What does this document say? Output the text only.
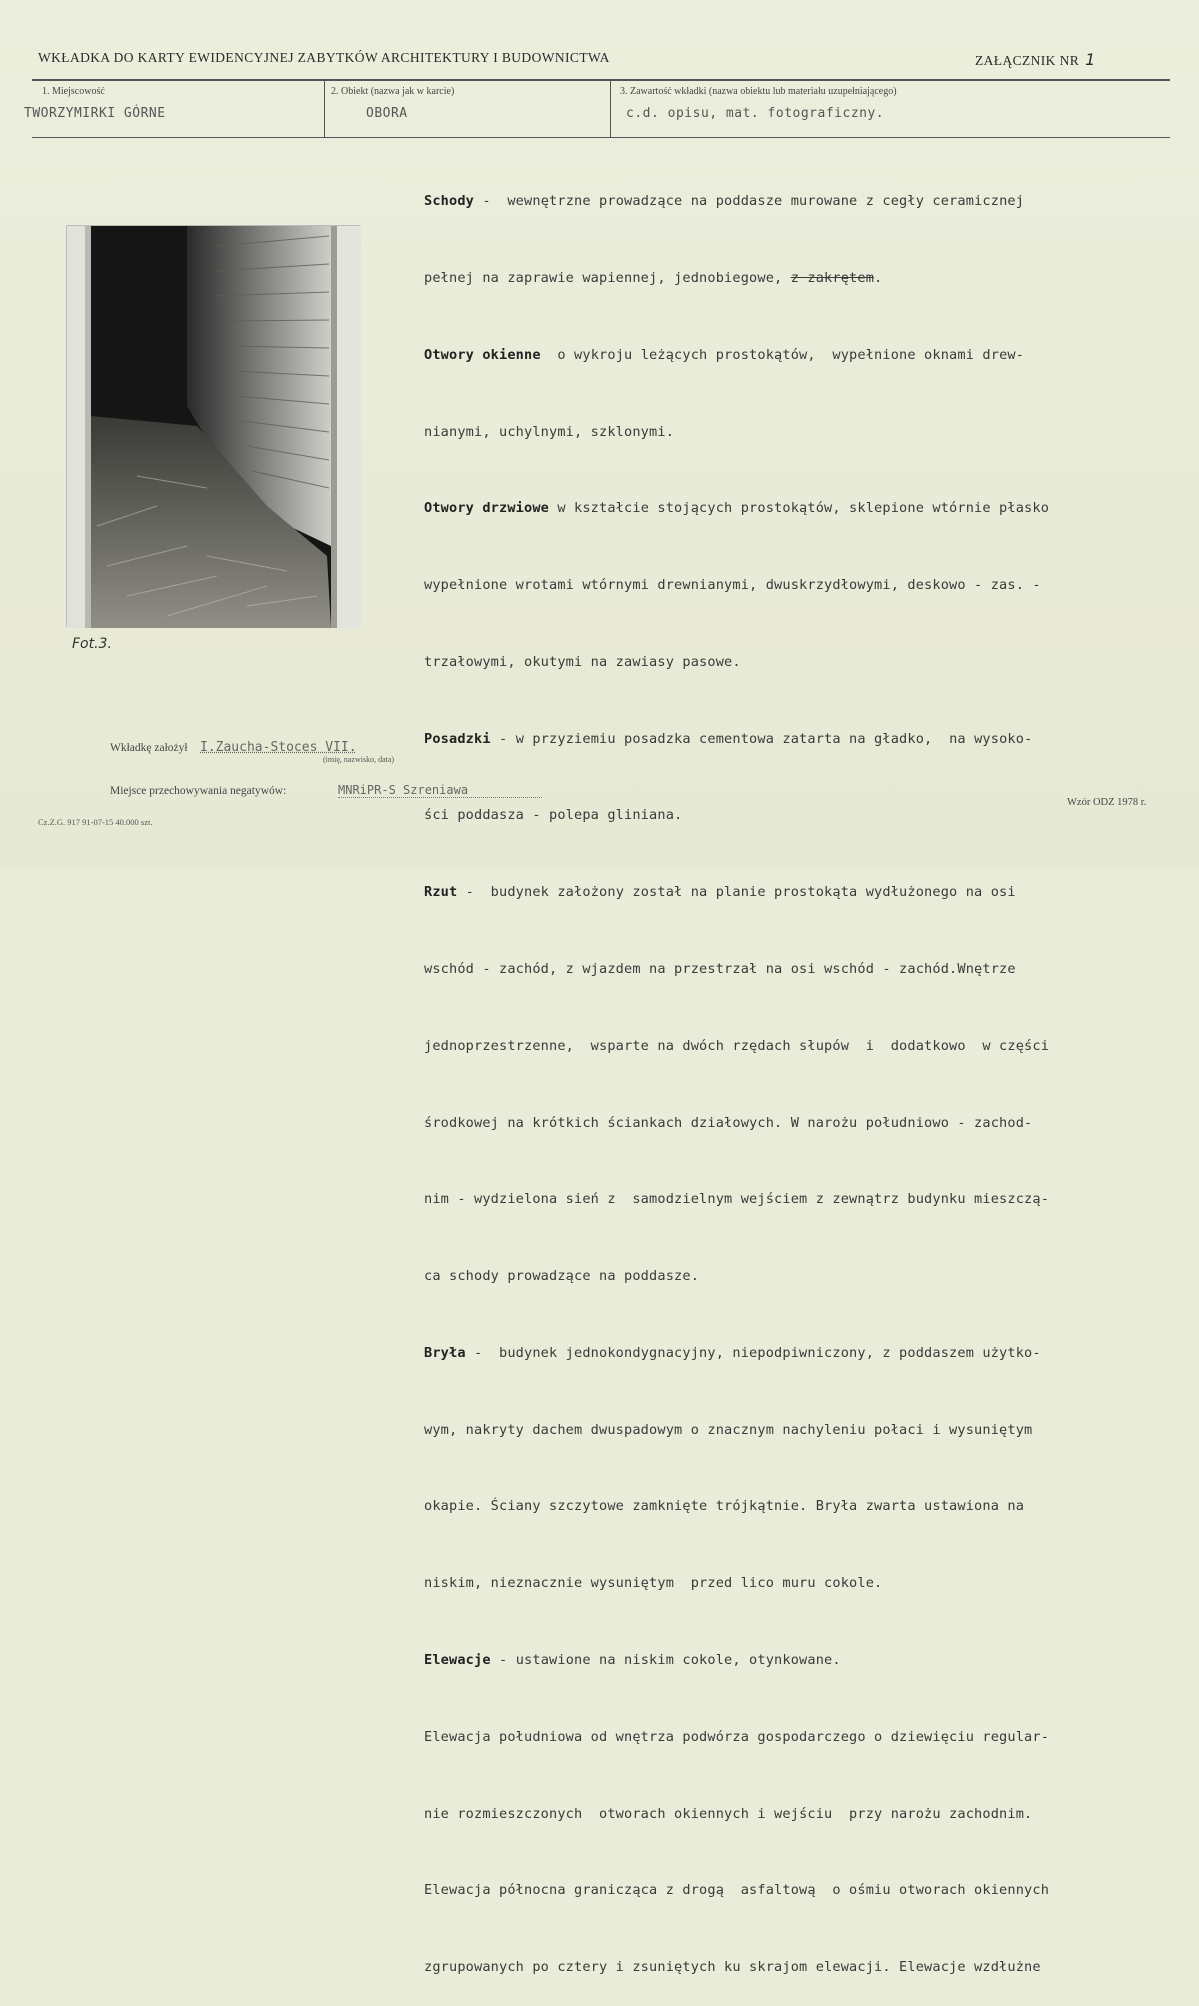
WKŁADKA DO KARTY EWIDENCYJNEJ ZABYTKÓW ARCHITEKTURY I BUDOWNICTWA	ZAŁĄCZNIK NR 1
1. Miejscowość
TWORZYMIRKI GÓRNE
2. Obiekt (nazwa jak w karcie)
OBORA
3. Zawartość wkładki (nazwa obiektu lub materiału uzupełniającego)
c.d. opisu, mat. fotograficzny.
Fot.3.

Schody -  wewnętrzne prowadzące na poddasze murowane z cegły ceramicznej

pełnej na zaprawie wapiennej, jednobiegowe, z zakrętem.

Otwory okienne  o wykroju leżących prostokątów,  wypełnione oknami drew-

nianymi, uchylnymi, szklonymi.

Otwory drzwiowe w kształcie stojących prostokątów, sklepione wtórnie płasko

wypełnione wrotami wtórnymi drewnianymi, dwuskrzydłowymi, deskowo - zas. -

trzałowymi, okutymi na zawiasy pasowe.

Posadzki - w przyziemiu posadzka cementowa zatarta na gładko,  na wysoko-

ści poddasza - polepa gliniana.

Rzut -  budynek założony został na planie prostokąta wydłużonego na osi

wschód - zachód, z wjazdem na przestrzał na osi wschód - zachód.Wnętrze

jednoprzestrzenne,  wsparte na dwóch rzędach słupów  i  dodatkowo  w części

środkowej na krótkich ściankach działowych. W narożu południowo - zachod-

nim - wydzielona sień z  samodzielnym wejściem z zewnątrz budynku mieszczą-

ca schody prowadzące na poddasze.

Bryła -  budynek jednokondygnacyjny, niepodpiwniczony, z poddaszem użytko-

wym, nakryty dachem dwuspadowym o znacznym nachyleniu połaci i wysuniętym

okapie. Ściany szczytowe zamknięte trójkątnie. Bryła zwarta ustawiona na

niskim, nieznacznie wysuniętym  przed lico muru cokole.

Elewacje - ustawione na niskim cokole, otynkowane.

Elewacja południowa od wnętrza podwórza gospodarczego o dziewięciu regular-

nie rozmieszczonych  otworach okiennych i wejściu  przy narożu zachodnim.

Elewacja północna granicząca z drogą  asfaltową  o ośmiu otworach okiennych

zgrupowanych po cztery i zsuniętych ku skrajom elewacji. Elewacje wzdłużne

Wkładkę założył I.Zaucha-Stoces VII.
(imię, nazwisko, data)
Miejsce przechowywania negatywów:	MNRiPR-S Szreniawa
Cz.Z.G. 917 91-07-15 40.000 szt.
Wzór ODZ 1978 r.
